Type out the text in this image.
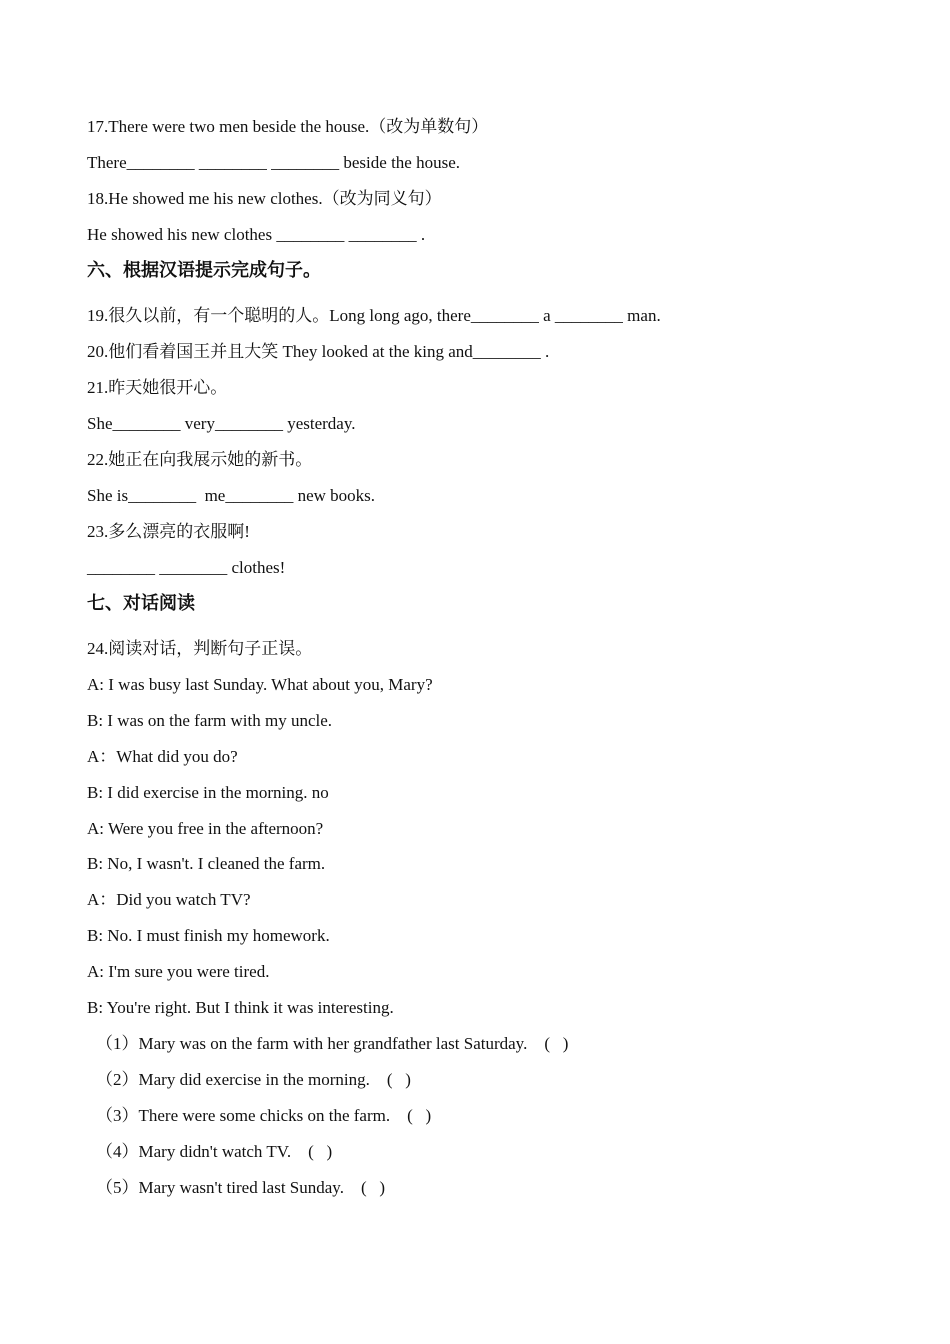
17.There were two men beside the house.（改为单数句）
There________ ________ ________ beside the house.
18.He showed me his new clothes.（改为同义句）
He showed his new clothes ________ ________ .
六、根据汉语提示完成句子。
19.很久以前，有一个聪明的人。Long long ago, there________ a ________ man.
20.他们看着国王并且大笑 They looked at the king and________ .
21.昨天她很开心。
She________ very________ yesterday.
22.她正在向我展示她的新书。
She is________  me________ new books.
23.多么漂亮的衣服啊!
________ ________ clothes!
七、对话阅读
24.阅读对话，判断句子正误。
A: I was busy last Sunday. What about you, Mary?
B: I was on the farm with my uncle.
A：What did you do?
B: I did exercise in the morning. no
A: Were you free in the afternoon?
B: No, I wasn't. I cleaned the farm.
A：Did you watch TV?
B: No. I must finish my homework.
A: I'm sure you were tired.
B: You're right. But I think it was interesting.
（1）Mary was on the farm with her grandfather last Saturday.    (   )
（2）Mary did exercise in the morning.    (   )
（3）There were some chicks on the farm.    (   )
（4）Mary didn't watch TV.    (   )
（5）Mary wasn't tired last Sunday.    (   )
